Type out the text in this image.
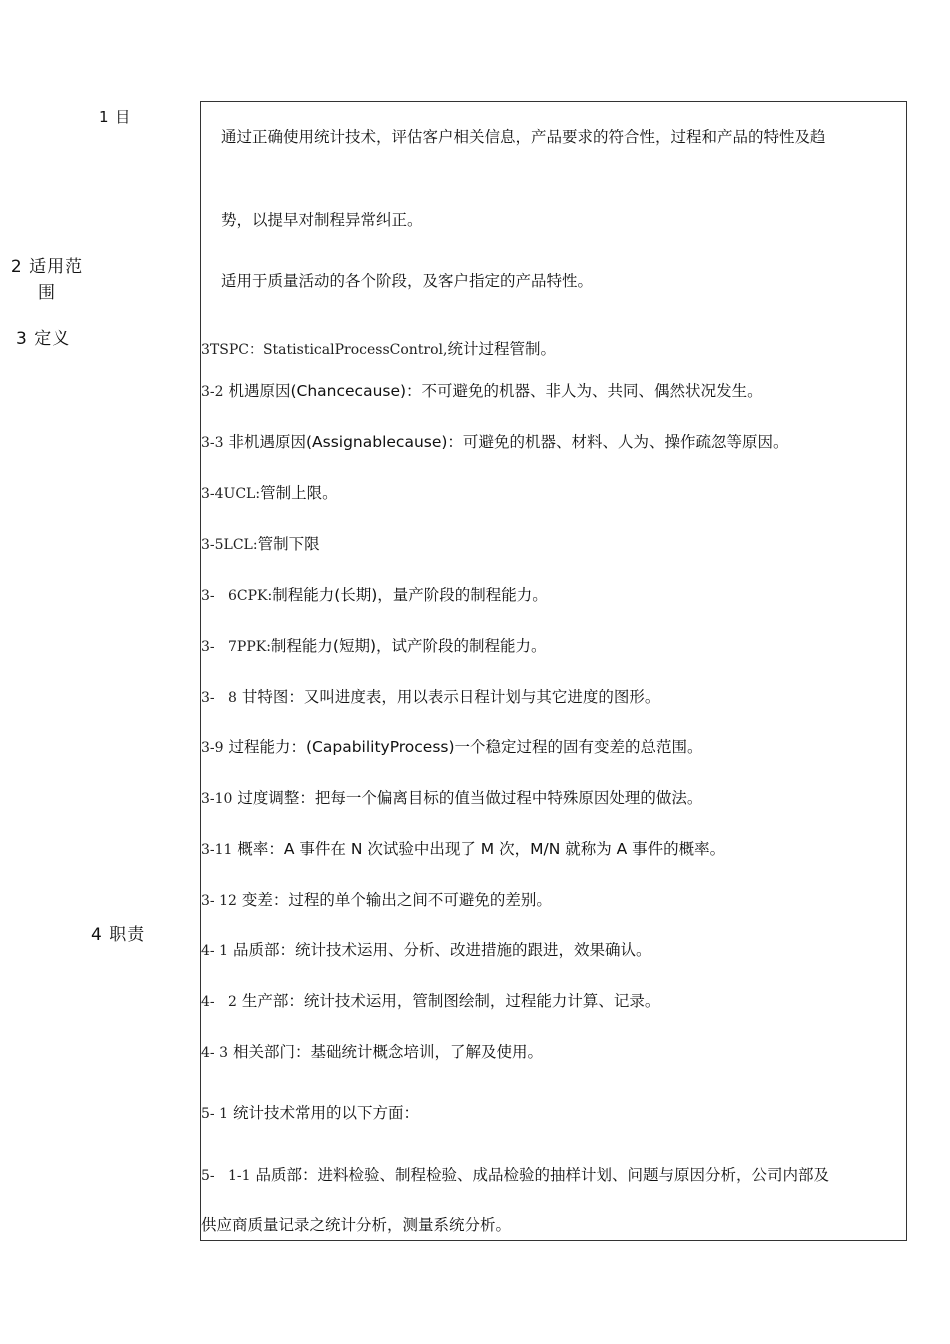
1 目
2 适用范围
3 定义
4 职责
通过正确使用统计技术，评估客户相关信息，产品要求的符合性，过程和产品的特性及趋
势，以提早对制程异常纠正。
适用于质量活动的各个阶段，及客户指定的产品特性。
3TSPC：StatisticalProcessControl,统计过程管制。
3-2 机遇原因(Chancecause)：不可避免的机器、非人为、共同、偶然状况发生。
3-3 非机遇原因(Assignablecause)：可避免的机器、材料、人为、操作疏忽等原因。
3-4UCL:管制上限。
3-5LCL:管制下限
3-   6CPK:制程能力(长期)，量产阶段的制程能力。
3-   7PPK:制程能力(短期)，试产阶段的制程能力。
3-   8 甘特图：又叫进度表，用以表示日程计划与其它进度的图形。
3-9 过程能力：(CapabilityProcess)一个稳定过程的固有变差的总范围。
3-10 过度调整：把每一个偏离目标的值当做过程中特殊原因处理的做法。
3-11 概率：A 事件在 N 次试验中出现了 M 次，M/N 就称为 A 事件的概率。
3- 12 变差：过程的单个输出之间不可避免的差别。
4- 1 品质部：统计技术运用、分析、改进措施的跟进，效果确认。
4-   2 生产部：统计技术运用，管制图绘制，过程能力计算、记录。
4- 3 相关部门：基础统计概念培训，了解及使用。
5- 1 统计技术常用的以下方面：
5-   1-1 品质部：进料检验、制程检验、成品检验的抽样计划、问题与原因分析，公司内部及
供应商质量记录之统计分析，测量系统分析。
